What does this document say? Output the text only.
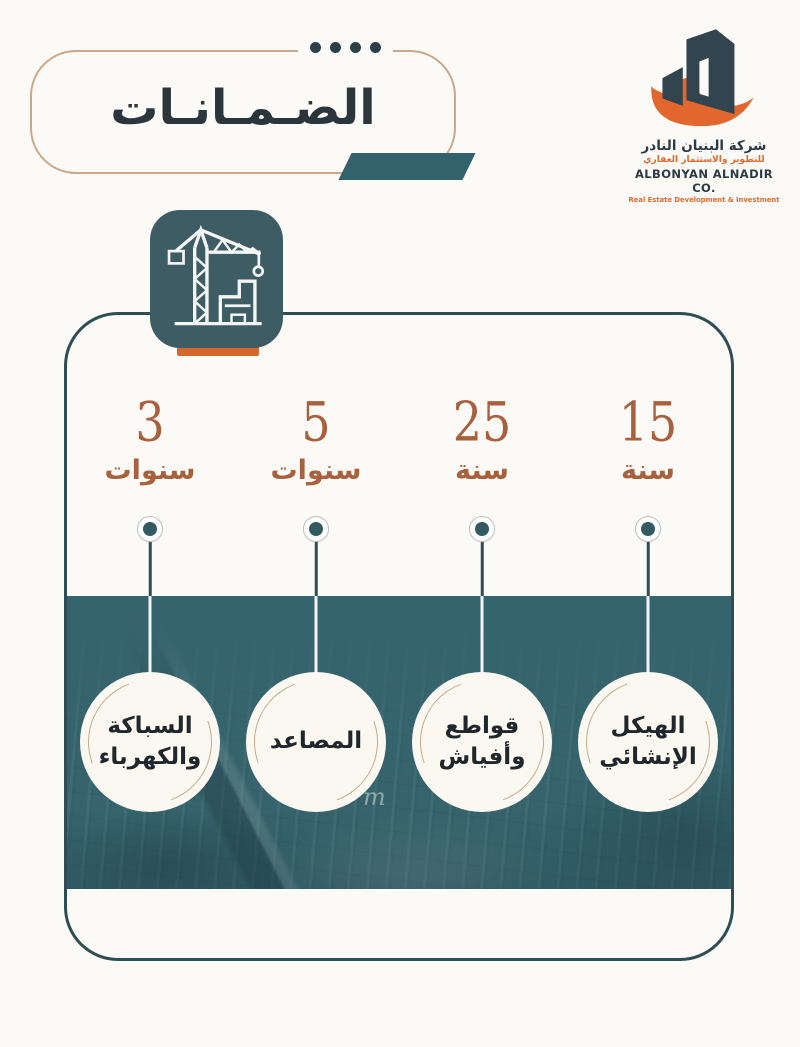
الضـمـانـات
شركة البنيان النادر
للتطوير والاستثمار العقاري
ALBONYAN ALNADIR CO.
Real Estate Development & Investment
m
15
سنة
الهيكل الإنشائي
25
سنة
قواطع وأفياش
5
سنوات
المصاعد
3
سنوات
السباكة والكهرباء
